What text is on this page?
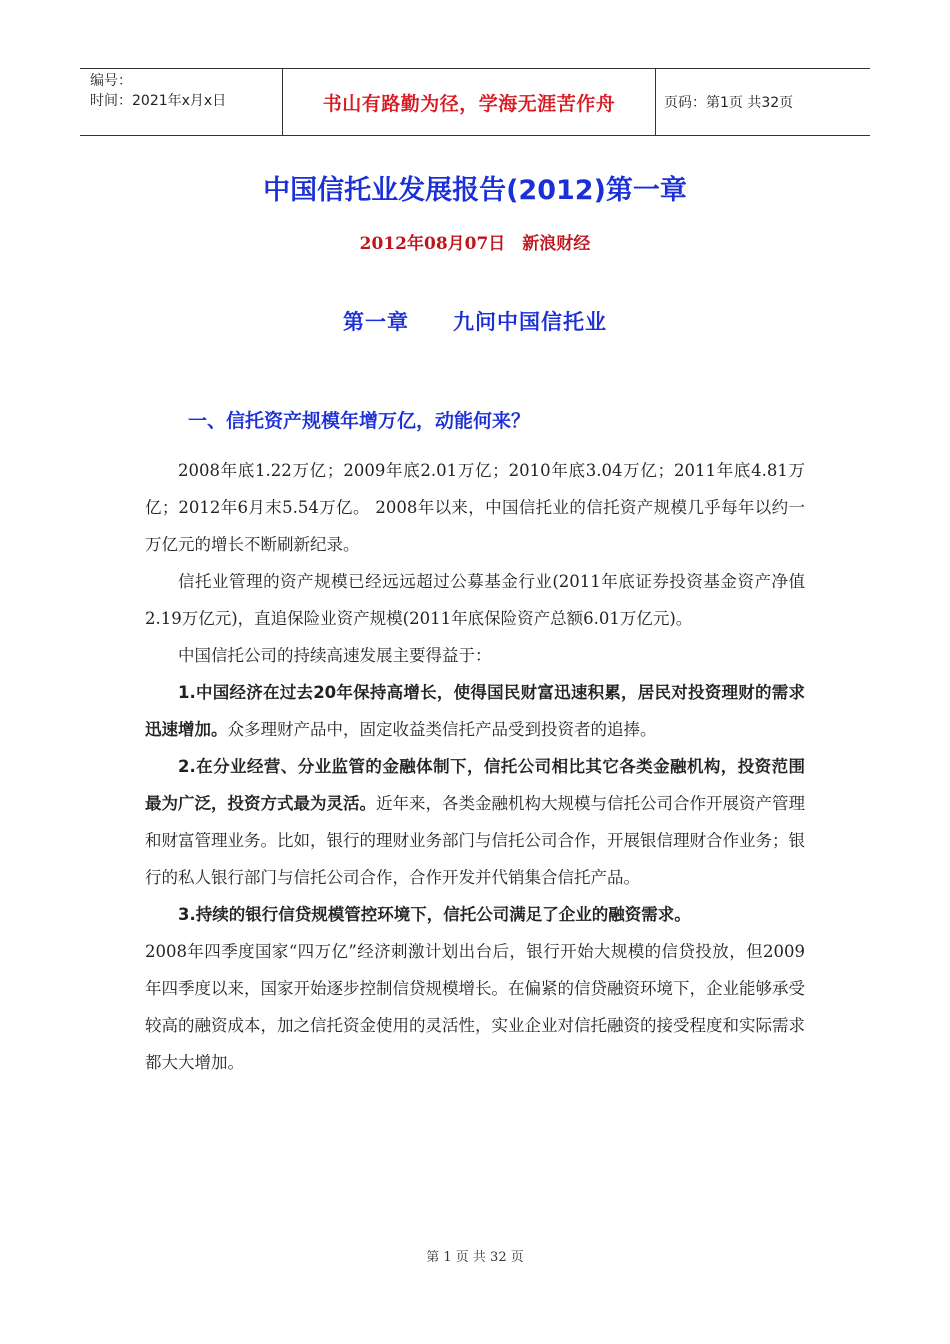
编号：
时间：2021年x月x日	书山有路勤为径，学海无涯苦作舟	页码：第1页 共32页
中国信托业发展报告(2012)第一章
2012年08月07日　新浪财经
第一章　　九问中国信托业
一、信托资产规模年增万亿，动能何来？

2008年底1.22万亿；2009年底2.01万亿；2010年底3.04万亿；2011年底4.81万亿；2012年6月末5.54万亿。 2008年以来，中国信托业的信托资产规模几乎每年以约一万亿元的增长不断刷新纪录。

信托业管理的资产规模已经远远超过公募基金行业(2011年底证券投资基金资产净值2.19万亿元)，直追保险业资产规模(2011年底保险资产总额6.01万亿元)。

中国信托公司的持续高速发展主要得益于：

1.中国经济在过去20年保持高增长，使得国民财富迅速积累，居民对投资理财的需求迅速增加。众多理财产品中，固定收益类信托产品受到投资者的追捧。

2.在分业经营、分业监管的金融体制下，信托公司相比其它各类金融机构，投资范围最为广泛，投资方式最为灵活。近年来，各类金融机构大规模与信托公司合作开展资产管理和财富管理业务。比如，银行的理财业务部门与信托公司合作，开展银信理财合作业务；银行的私人银行部门与信托公司合作，合作开发并代销集合信托产品。

3.持续的银行信贷规模管控环境下，信托公司满足了企业的融资需求。

2008年四季度国家“四万亿”经济刺激计划出台后，银行开始大规模的信贷投放，但2009年四季度以来，国家开始逐步控制信贷规模增长。在偏紧的信贷融资环境下，企业能够承受较高的融资成本，加之信托资金使用的灵活性，实业企业对信托融资的接受程度和实际需求都大大增加。

第 1 页 共 32 页
